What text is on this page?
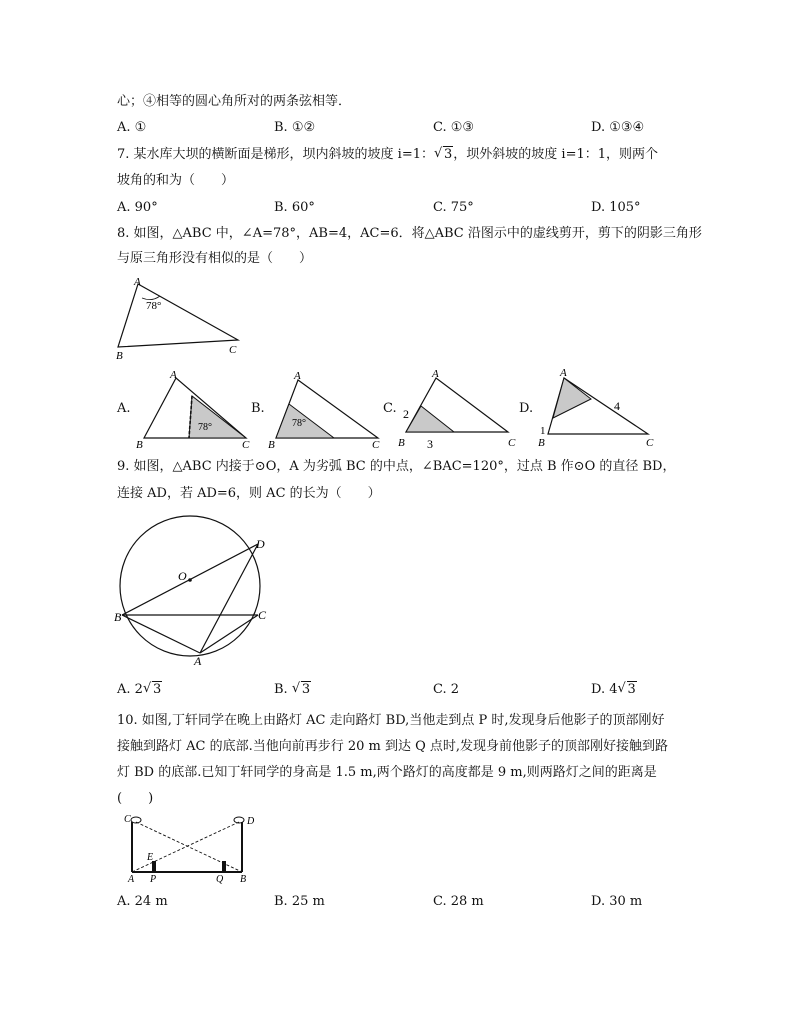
心；④相等的圆心角所对的两条弦相等．
A. ①	B. ①②	C. ①③	D. ①③④
7. 某水库大坝的横断面是梯形，坝内斜坡的坡度 i=1： √ 3，坝外斜坡的坡度 i=1：1，则两个
坡角的和为（　　）
A. 90°	B. 60°	C. 75°	D. 105°
8. 如图，△ABC 中，∠A=78°，AB=4，AC=6．将△ABC 沿图示中的虚线剪开，剪下的阴影三角形
与原三角形没有相似的是（　　）
A
78°
B	C
A.
78°
A
B	C
B.
78°
A
B	C
C.
A
2
3
B	C
D.
A
4
1
B	C
9. 如图，△ABC 内接于⊙O，A 为劣弧 BC 的中点，∠BAC=120°，过点 B 作⊙O 的直径 BD，
连接 AD，若 AD=6，则 AC 的长为（　　）
O
D
B	C
A
A. 2 √ 3	B. √ 3	C. 2	D. 4 √ 3
10. 如图,丁轩同学在晚上由路灯 AC 走向路灯 BD,当他走到点 P 时,发现身后他影子的顶部刚好
接触到路灯 AC 的底部.当他向前再步行 20 m 到达 Q 点时,发现身前他影子的顶部刚好接触到路
灯 BD 的底部.已知丁轩同学的身高是 1.5 m,两个路灯的高度都是 9 m,则两路灯之间的距离是
(　　)
C	D
E
A P	Q B
A. 24 m	B. 25 m	C. 28 m	D. 30 m
